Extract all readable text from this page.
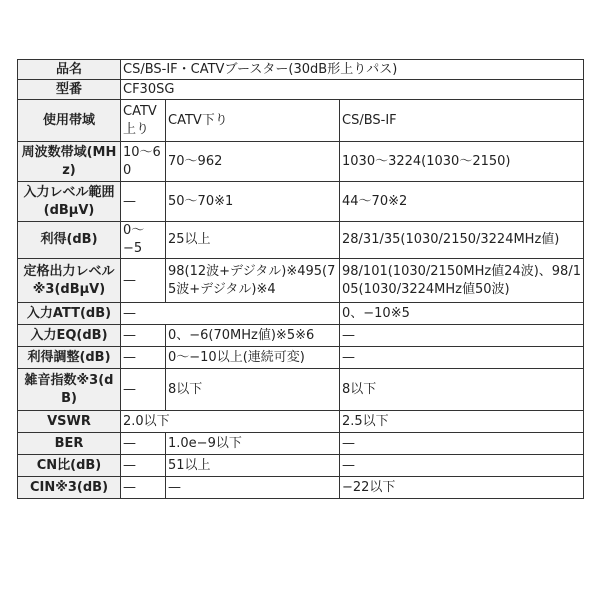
品名	CS/BS-IF・CATVブースター(30dB形上りパス)		
型番	CF30SG		
使用帯域	CATV上り	CATV下り	CS/BS-IF
周波数帯域(MHz)	10～60	70～962	1030～3224(1030～2150)
入力レベル範囲(dBμV)	—	50～70※1	44～70※2
利得(dB)	0～−5	25以上	28/31/35(1030/2150/3224MHz値)
定格出力レベル※3(dBμV)	—	98(12波+デジタル)※495(75波+デジタル)※4	98/101(1030/2150MHz値24波)、98/105(1030/3224MHz値50波)
入力ATT(dB)	—		0、−10※5
入力EQ(dB)	—	0、−6(70MHz値)※5※6	—
利得調整(dB)	—	0～−10以上(連続可変)	—
雑音指数※3(dB)	—	8以下	8以下
VSWR	2.0以下		2.5以下
BER	—	1.0e−9以下	—
CN比(dB)	—	51以上	—
CIN※3(dB)	—	—	−22以下
